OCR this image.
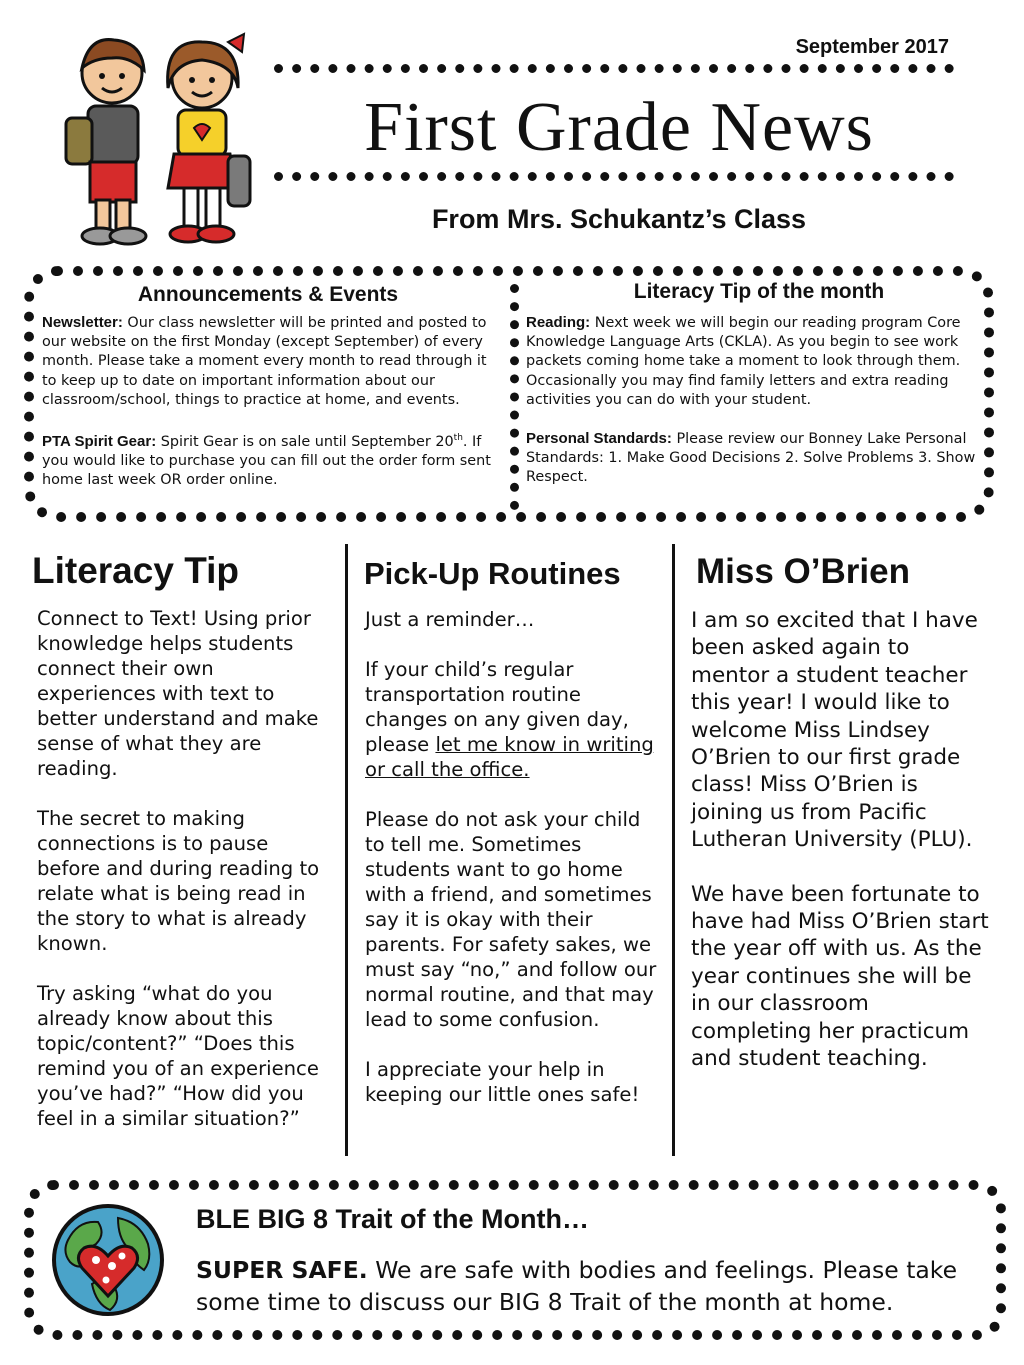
September 2017
First Grade News
From Mrs. Schukantz’s Class
Announcements & Events

Newsletter: Our class newsletter will be printed and posted to our website on the first Monday (except September) of every month. Please take a moment every month to read through it to keep up to date on important information about our classroom/school, things to practice at home, and events.

PTA Spirit Gear: Spirit Gear is on sale until September 20th. If you would like to purchase you can fill out the order form sent home last week OR order online.

Literacy Tip of the month

Reading: Next week we will begin our reading program Core Knowledge Language Arts (CKLA). As you begin to see work packets coming home take a moment to look through them. Occasionally you may find family letters and extra reading activities you can do with your student.

Personal Standards: Please review our Bonney Lake Personal Standards: 1. Make Good Decisions 2. Solve Problems 3. Show Respect.

Literacy Tip

Connect to Text! Using prior knowledge helps students connect their own experiences with text to better understand and make sense of what they are reading.

The secret to making connections is to pause before and during reading to relate what is being read in the story to what is already known.

Try asking “what do you already know about this topic/content?” “Does this remind you of an experience you’ve had?” “How did you feel in a similar situation?”

Pick-Up Routines

Just a reminder…

If your child’s regular transportation routine changes on any given day, please let me know in writing or call the office.

Please do not ask your child to tell me. Sometimes students want to go home with a friend, and sometimes say it is okay with their parents. For safety sakes, we must say “no,” and follow our normal routine, and that may lead to some confusion.

I appreciate your help in keeping our little ones safe!

Miss O’Brien

I am so excited that I have been asked again to mentor a student teacher this year! I would like to welcome Miss Lindsey O’Brien to our first grade class! Miss O’Brien is joining us from Pacific Lutheran University (PLU).

We have been fortunate to have had Miss O’Brien start the year off with us. As the year continues she will be in our classroom completing her practicum and student teaching.

BLE BIG 8 Trait of the Month…
SUPER SAFE. We are safe with bodies and feelings. Please take some time to discuss our BIG 8 Trait of the month at home.
